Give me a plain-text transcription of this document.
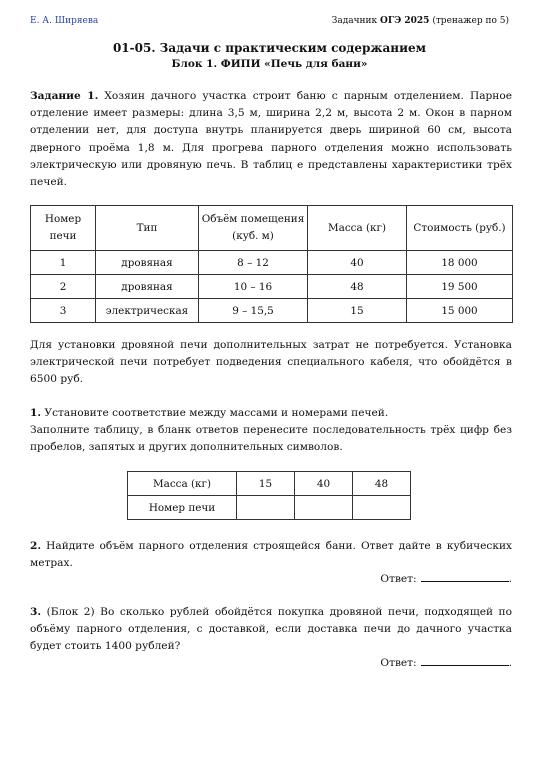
Е. А. Ширяева	Задачник ОГЭ 2025 (тренажер по 5)
01-05. Задачи с практическим содержанием
Блок 1. ФИПИ «Печь для бани»
Задание 1. Хозяин дачного участка строит баню с парным отделением. Парное отделение имеет размеры: длина 3,5 м, ширина 2,2 м, высота 2 м. Окон в парном отделении нет, для доступа внутрь планируется дверь шириной 60 см, высота дверного проёма 1,8 м. Для прогрева парного отделения можно использовать электрическую или дровяную печь. В таблиц е представлены характеристики трёх печей.
Номер печи	Тип	Объём помещения (куб. м)	Масса (кг)	Стоимость (руб.)
1	дровяная	8 – 12	40	18 000
2	дровяная	10 – 16	48	19 500
3	электрическая	9 – 15,5	15	15 000
Для установки дровяной печи дополнительных затрат не потребуется. Установка электрической печи потребует подведения специального кабеля, что обойдётся в 6500 руб.
1. Установите соответствие между массами и номерами печей.
Заполните таблицу, в бланк ответов перенесите последовательность трёх цифр без пробелов, запятых и других дополнительных символов.
Масса (кг)	15	40	48
Номер печи			
2. Найдите объём парного отделения строящейся бани. Ответ дайте в кубических метрах.
Ответ:	.
3. (Блок 2) Во сколько рублей обойдётся покупка дровяной печи, подходящей по объёму парного отделения, с доставкой, если доставка печи до дачного участка будет стоить 1400 рублей?
Ответ:	.
